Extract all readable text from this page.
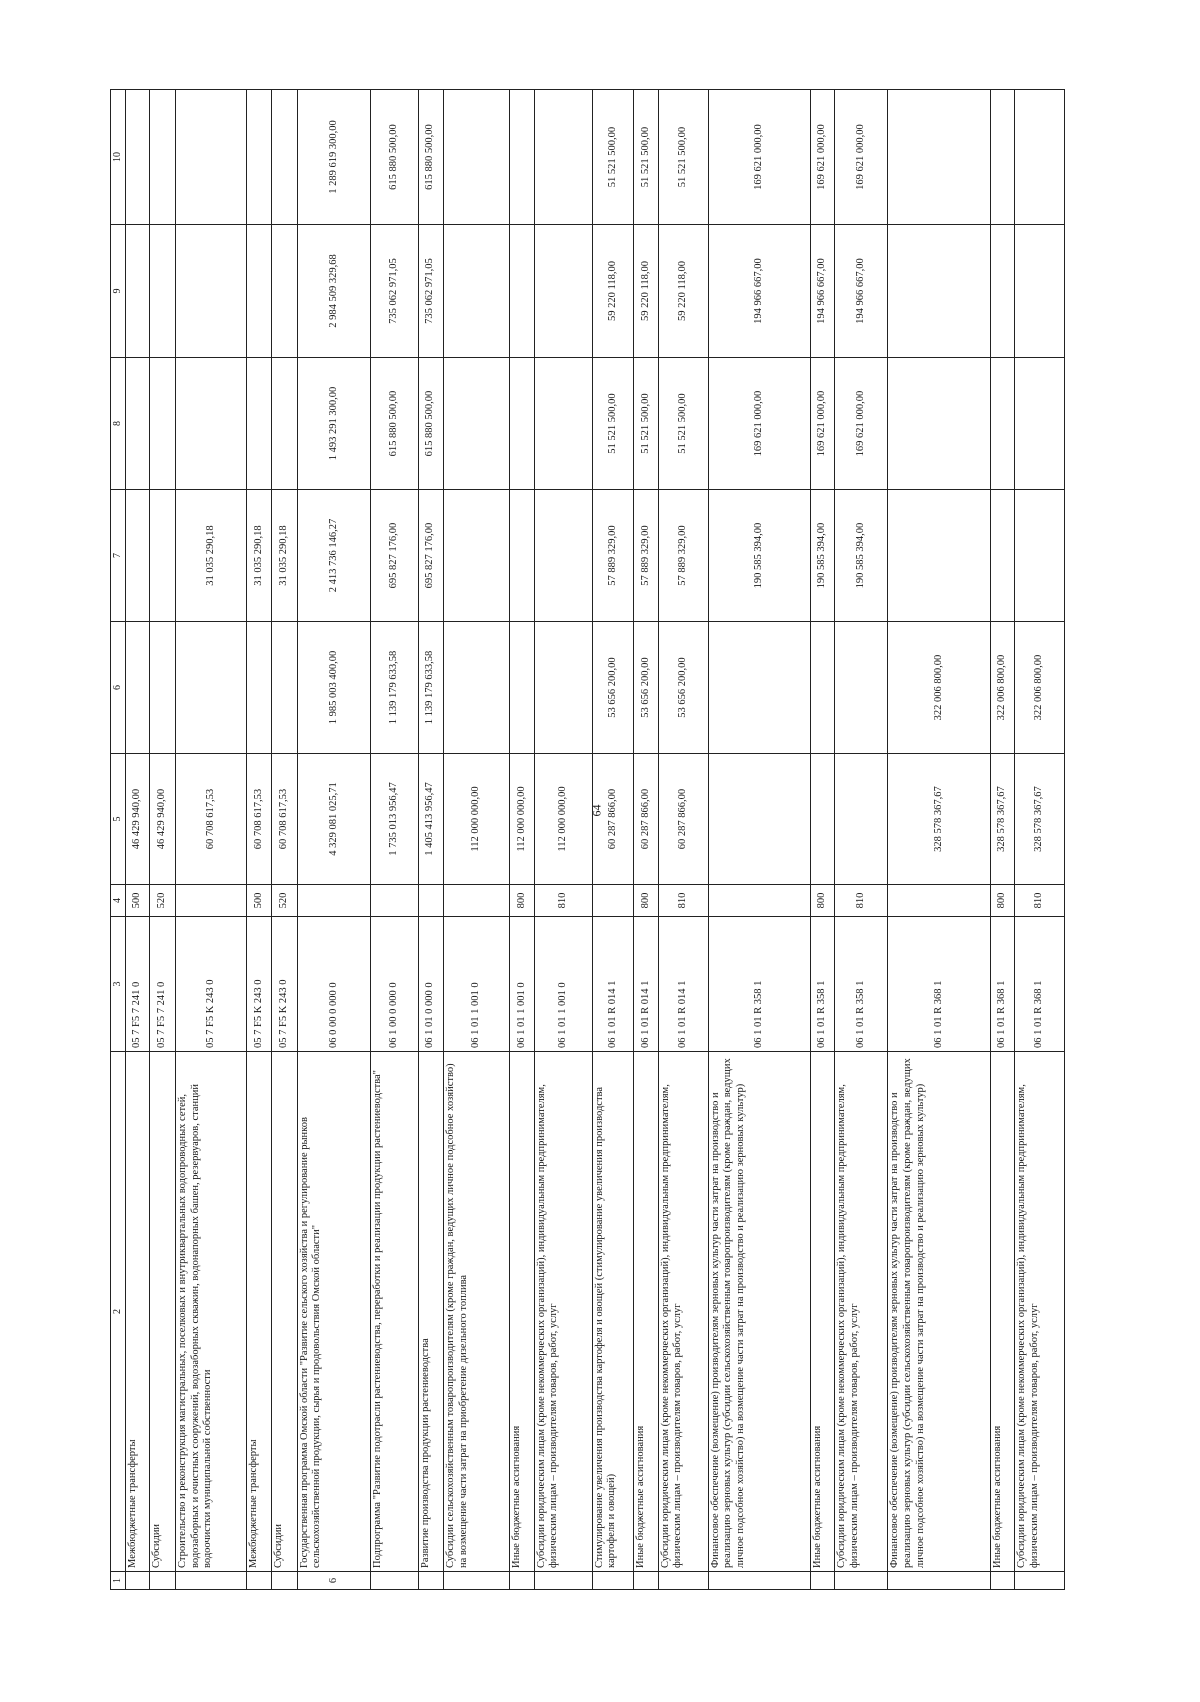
64
1	2	3	4	5	6	7	8	9	10
	Межбюджетные трансферты	05 7 F5 7 241 0	500	46 429 940,00					
	Субсидии	05 7 F5 7 241 0	520	46 429 940,00					
	Строительство и реконструкция магистральных, поселковых и внутриквартальных водопроводных сетей, водозаборных и очистных сооружений, водозаборных скважин, водонапорных башен, резервуаров, станций водоочистки муниципальной собственности	05 7 F5 K 243 0		60 708 617,53		31 035 290,18			
	Межбюджетные трансферты	05 7 F5 K 243 0	500	60 708 617,53		31 035 290,18			
	Субсидии	05 7 F5 K 243 0	520	60 708 617,53		31 035 290,18			
6	Государственная программа Омской области "Развитие сельского хозяйства и регулирование рынков сельскохозяйственной продукции, сырья и продовольствия Омской области"	06 0 00 0 000 0		4 329 081 025,71	1 985 003 400,00	2 413 736 146,27	1 493 291 300,00	2 984 509 329,68	1 289 619 300,00
	Подпрограмма "Развитие подотрасли растениеводства, переработки и реализации продукции растениеводства"	06 1 00 0 000 0		1 735 013 956,47	1 139 179 633,58	695 827 176,00	615 880 500,00	735 062 971,05	615 880 500,00
	Развитие производства продукции растениеводства	06 1 01 0 000 0		1 405 413 956,47	1 139 179 633,58	695 827 176,00	615 880 500,00	735 062 971,05	615 880 500,00
	Субсидии сельскохозяйственным товаропроизводителям (кроме граждан, ведущих личное подсобное хозяйство) на возмещение части затрат на приобретение дизельного топлива	06 1 01 1 001 0		112 000 000,00					
	Иные бюджетные ассигнования	06 1 01 1 001 0	800	112 000 000,00					
	Субсидии юридическим лицам (кроме некоммерческих организаций), индивидуальным предпринимателям, физическим лицам – производителям товаров, работ, услуг	06 1 01 1 001 0	810	112 000 000,00					
	Стимулирование увеличения производства картофеля и овощей (стимулирование увеличения производства картофеля и овощей)	06 1 01 R 014 1		60 287 866,00	53 656 200,00	57 889 329,00	51 521 500,00	59 220 118,00	51 521 500,00
	Иные бюджетные ассигнования	06 1 01 R 014 1	800	60 287 866,00	53 656 200,00	57 889 329,00	51 521 500,00	59 220 118,00	51 521 500,00
	Субсидии юридическим лицам (кроме некоммерческих организаций), индивидуальным предпринимателям, физическим лицам – производителям товаров, работ, услуг	06 1 01 R 014 1	810	60 287 866,00	53 656 200,00	57 889 329,00	51 521 500,00	59 220 118,00	51 521 500,00
	Финансовое обеспечение (возмещение) производителям зерновых культур части затрат на производство и реализацию зерновых культур (субсидии сельскохозяйственным товаропроизводителям (кроме граждан, ведущих личное подсобное хозяйство) на возмещение части затрат на производство и реализацию зерновых культур)	06 1 01 R 358 1				190 585 394,00	169 621 000,00	194 966 667,00	169 621 000,00
	Иные бюджетные ассигнования	06 1 01 R 358 1	800			190 585 394,00	169 621 000,00	194 966 667,00	169 621 000,00
	Субсидии юридическим лицам (кроме некоммерческих организаций), индивидуальным предпринимателям, физическим лицам – производителям товаров, работ, услуг	06 1 01 R 358 1	810			190 585 394,00	169 621 000,00	194 966 667,00	169 621 000,00
	Финансовое обеспечение (возмещение) производителям зерновых культур части затрат на производство и реализацию зерновых культур (субсидии сельскохозяйственным товаропроизводителям (кроме граждан, ведущих личное подсобное хозяйство) на возмещение части затрат на производство и реализацию зерновых культур)	06 1 01 R 368 1		328 578 367,67	322 006 800,00				
	Иные бюджетные ассигнования	06 1 01 R 368 1	800	328 578 367,67	322 006 800,00				
	Субсидии юридическим лицам (кроме некоммерческих организаций), индивидуальным предпринимателям, физическим лицам – производителям товаров, работ, услуг	06 1 01 R 368 1	810	328 578 367,67	322 006 800,00				
